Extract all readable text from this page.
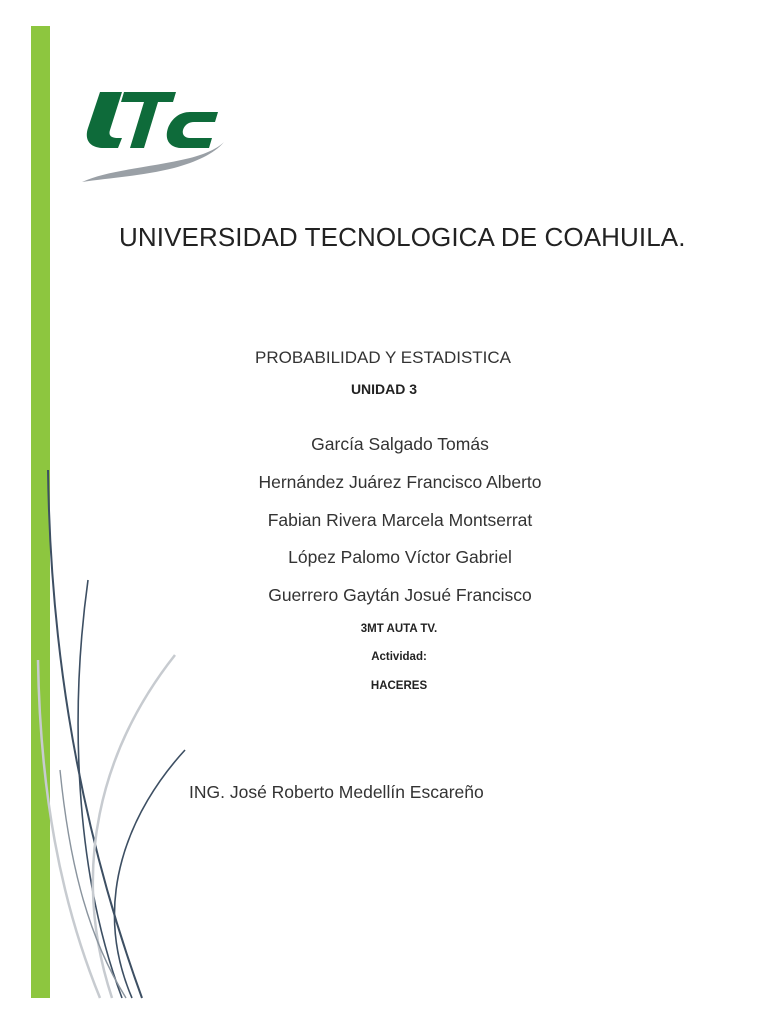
UNIVERSIDAD TECNOLOGICA DE COAHUILA.
PROBABILIDAD Y ESTADISTICA
UNIDAD 3
García Salgado Tomás
Hernández Juárez Francisco Alberto
Fabian Rivera Marcela Montserrat
López Palomo Víctor Gabriel
Guerrero Gaytán Josué Francisco
3MT AUTA TV.
Actividad:
HACERES
ING. José Roberto Medellín Escareño
